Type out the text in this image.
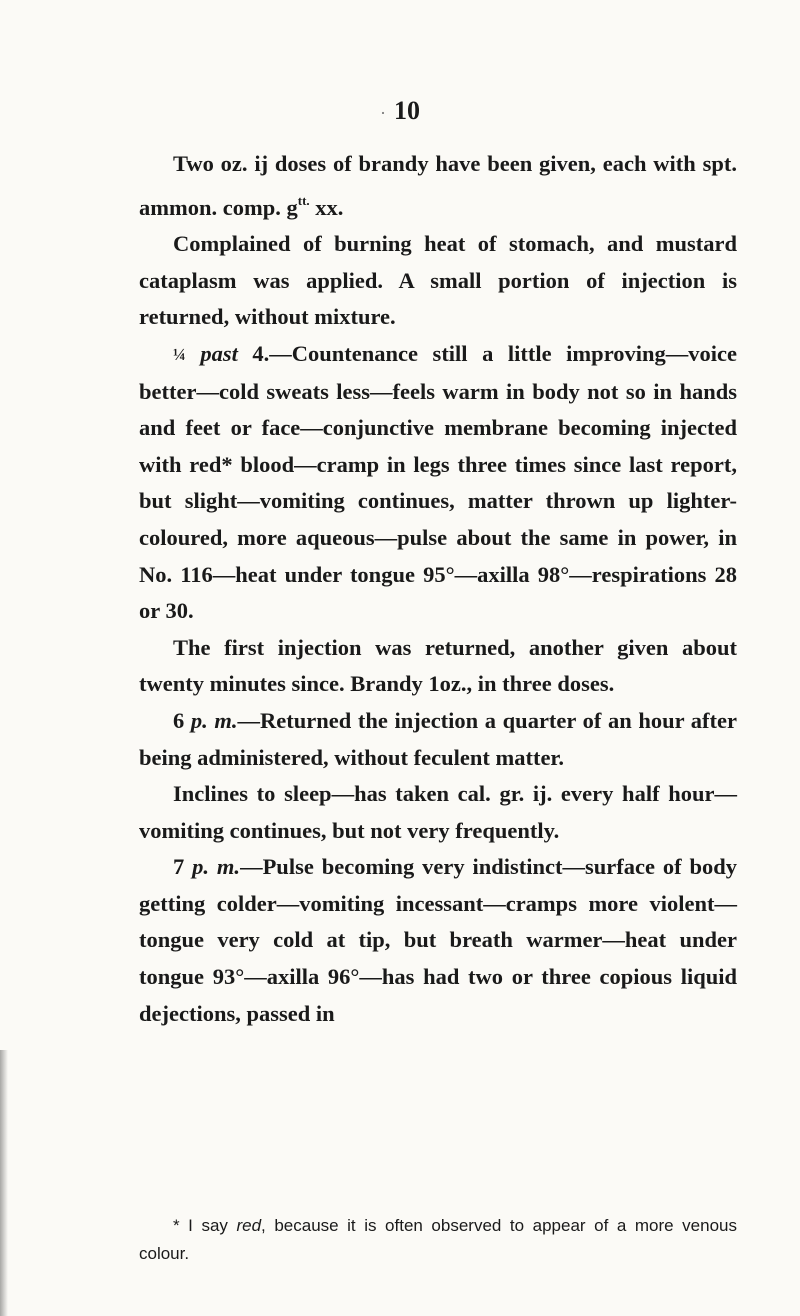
· 10

Two oz. ij doses of brandy have been given, each with spt. ammon. comp. $g^{tt.}$ xx.

Complained of burning heat of stomach, and mustard cataplasm was applied. A small portion of injection is returned, without mixture.

¼ past 4.—Countenance still a little improving—voice better—cold sweats less—feels warm in body not so in hands and feet or face—conjunctive membrane becoming injected with red* blood—cramp in legs three times since last report, but slight—vomiting continues, matter thrown up lighter-coloured, more aqueous—pulse about the same in power, in No. 116—heat under tongue 95°—axilla 98°—respirations 28 or 30.

The first injection was returned, another given about twenty minutes since. Brandy 1oz., in three doses.

6 p. m.—Returned the injection a quarter of an hour after being administered, without feculent matter.

Inclines to sleep—has taken cal. gr. ij. every half hour—vomiting continues, but not very frequently.

7 p. m.—Pulse becoming very indistinct—surface of body getting colder—vomiting incessant—cramps more violent—tongue very cold at tip, but breath warmer—heat under tongue 93°—axilla 96°—has had two or three copious liquid dejections, passed in

* I say red, because it is often observed to appear of a more venous colour.
